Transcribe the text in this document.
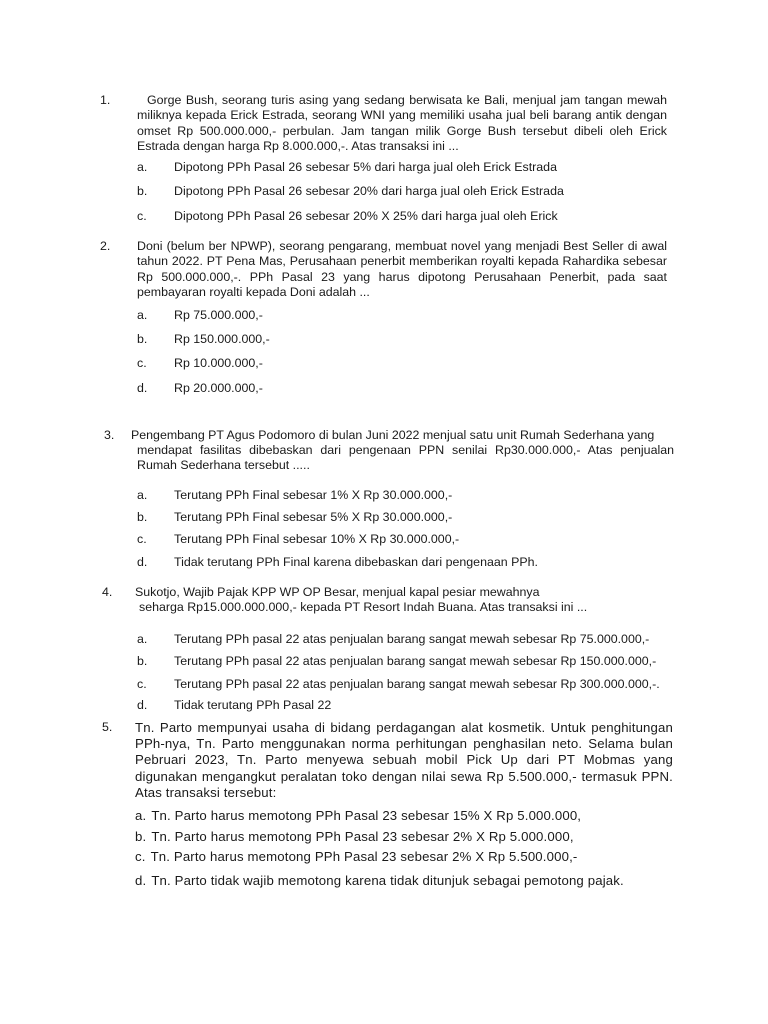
1.	Gorge Bush, seorang turis asing yang sedang berwisata ke Bali, menjual jam tangan mewah miliknya kepada Erick Estrada, seorang WNI yang memiliki usaha jual beli barang antik dengan omset Rp 500.000.000,- perbulan. Jam tangan milik Gorge Bush tersebut dibeli oleh Erick Estrada dengan harga Rp 8.000.000,-. Atas transaksi ini ...
a. Dipotong PPh Pasal 26 sebesar 5% dari harga jual oleh Erick Estrada
b. Dipotong PPh Pasal 26 sebesar 20% dari harga jual oleh Erick Estrada
c. Dipotong PPh Pasal 26 sebesar 20% X 25% dari harga jual oleh Erick
2. Doni (belum ber NPWP), seorang pengarang, membuat novel yang menjadi Best Seller di awal tahun 2022. PT Pena Mas, Perusahaan penerbit memberikan royalti kepada Rahardika sebesar Rp 500.000.000,-. PPh Pasal 23 yang harus dipotong Perusahaan Penerbit, pada saat pembayaran royalti kepada Doni adalah ...
a. Rp 75.000.000,-
b. Rp 150.000.000,-
c. Rp 10.000.000,-
d. Rp 20.000.000,-
3. Pengembang PT Agus Podomoro di bulan Juni 2022 menjual satu unit Rumah Sederhana yang
mendapat fasilitas dibebaskan dari pengenaan PPN senilai Rp30.000.000,- Atas penjualan Rumah Sederhana tersebut .....
a. Terutang PPh Final sebesar 1% X Rp 30.000.000,-
b. Terutang PPh Final sebesar 5% X Rp 30.000.000,-
c. Terutang PPh Final sebesar 10% X Rp 30.000.000,-
d. Tidak terutang PPh Final karena dibebaskan dari pengenaan PPh.
4. Sukotjo, Wajib Pajak KPP WP OP Besar, menjual kapal pesiar mewahnya
seharga Rp15.000.000.000,- kepada PT Resort Indah Buana. Atas transaksi ini ...
a. Terutang PPh pasal 22 atas penjualan barang sangat mewah sebesar Rp 75.000.000,-
b. Terutang PPh pasal 22 atas penjualan barang sangat mewah sebesar Rp 150.000.000,-
c. Terutang PPh pasal 22 atas penjualan barang sangat mewah sebesar Rp 300.000.000,-.
d. Tidak terutang PPh Pasal 22
5. Tn. Parto mempunyai usaha di bidang perdagangan alat kosmetik. Untuk penghitungan PPh-nya, Tn. Parto menggunakan norma perhitungan penghasilan neto. Selama bulan Pebruari 2023, Tn. Parto menyewa sebuah mobil Pick Up dari PT Mobmas yang digunakan mengangkut peralatan toko dengan nilai sewa Rp 5.500.000,- termasuk PPN. Atas transaksi tersebut:
a. Tn. Parto harus memotong PPh Pasal 23 sebesar 15% X Rp 5.000.000,
b. Tn. Parto harus memotong PPh Pasal 23 sebesar 2% X Rp 5.000.000,
c. Tn. Parto harus memotong PPh Pasal 23 sebesar 2% X Rp 5.500.000,-
d. Tn. Parto tidak wajib memotong karena tidak ditunjuk sebagai pemotong pajak.
